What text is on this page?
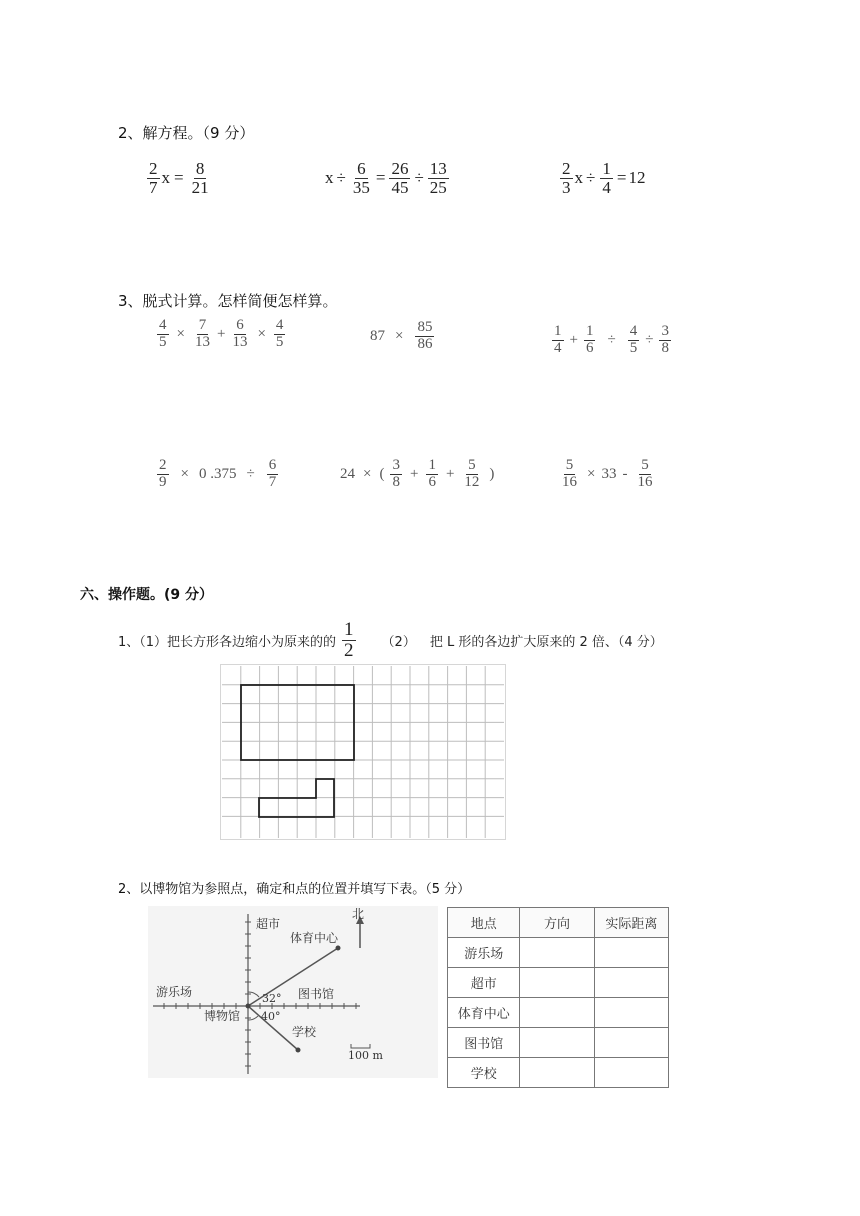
2、解方程。（9 分）
$\frac{2}{7}$ $x = \frac{8}{21}$	$x \div \frac{6}{35} = \frac{26}{45} \div \frac{13}{25}$	$\frac{2}{3}$ $x \div \frac{1}{4} = 12$
3、脱式计算。怎样简便怎样算。
$\frac{4}{5} \times \frac{7}{13} + \frac{6}{13} \times \frac{4}{5}$	$87 \times \frac{85}{86}$	$\frac{1}{4} + \frac{1}{6} \div \frac{4}{5} \div \frac{3}{8}$
$\frac{2}{9} \times 0$ $.375 \div \frac{6}{7}$	24 × ( $\frac{3}{8} + \frac{1}{6} + \frac{5}{12}$ )	$\frac{5}{16} \times 33 - \frac{5}{16}$
六、操作题。(9 分）
1、（1）把长方形各边缩小为原来的的 $\frac{1}{2} (2)$ 把 L 形的各边扩大原来的 2 倍、（4 分）
2、以博物馆为参照点，确定和点的位置并填写下表。（5 分）
超市
北
体育中心
游乐场
博物馆
图书馆
学校
32°
40°
100 m
地点	方向	实际距离
游乐场		
超市		
体育中心		
图书馆		
学校		
